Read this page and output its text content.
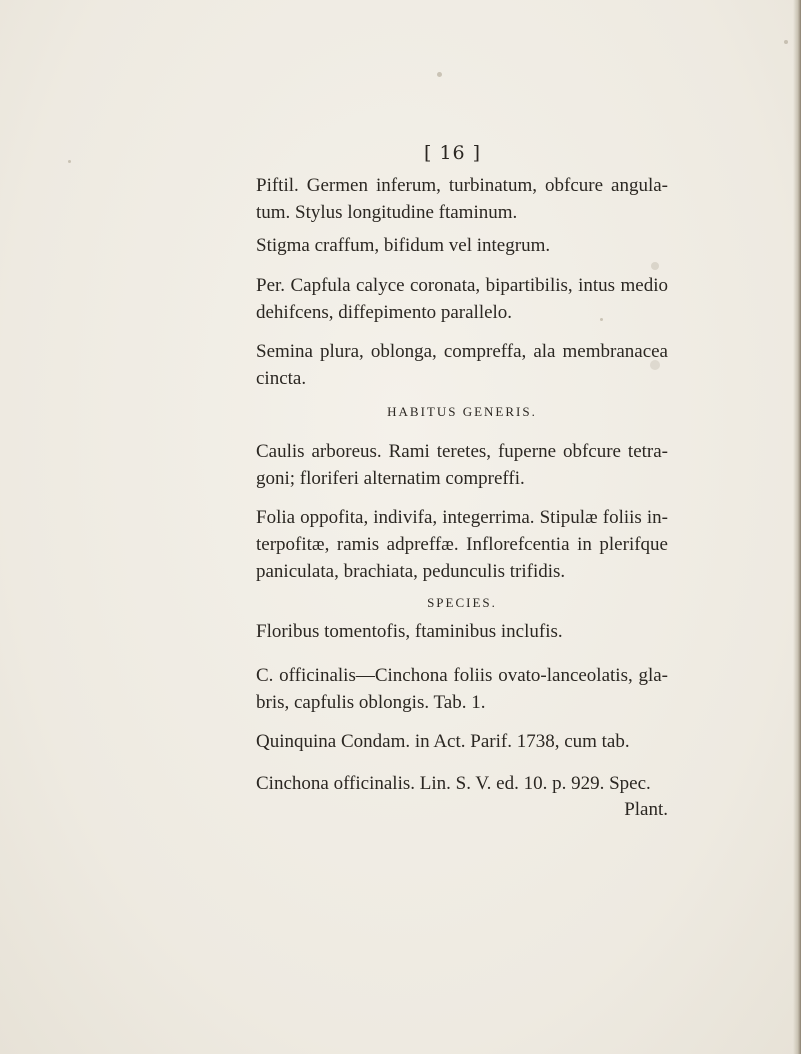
[ 16 ]
Piftil. Germen inferum, turbinatum, obfcure angula-tum. Stylus longitudine ftaminum.
Stigma craffum, bifidum vel integrum.
Per. Capfula calyce coronata, bipartibilis, intus medio dehifcens, diffepimento parallelo.
Semina plura, oblonga, compreffa, ala membranacea cincta.
HABITUS GENERIS.
Caulis arboreus. Rami teretes, fuperne obfcure tetra-goni; floriferi alternatim compreffi.
Folia oppofita, indivifa, integerrima. Stipulæ foliis in-terpofitæ, ramis adpreffæ. Inflorefcentia in plerifque paniculata, brachiata, pedunculis trifidis.
SPECIES.
Floribus tomentofis, ftaminibus inclufis.
C. officinalis—Cinchona foliis ovato-lanceolatis, gla-bris, capfulis oblongis. Tab. 1.
Quinquina Condam. in Act. Parif. 1738, cum tab.
Cinchona officinalis. Lin. S. V. ed. 10. p. 929. Spec.
Plant.
